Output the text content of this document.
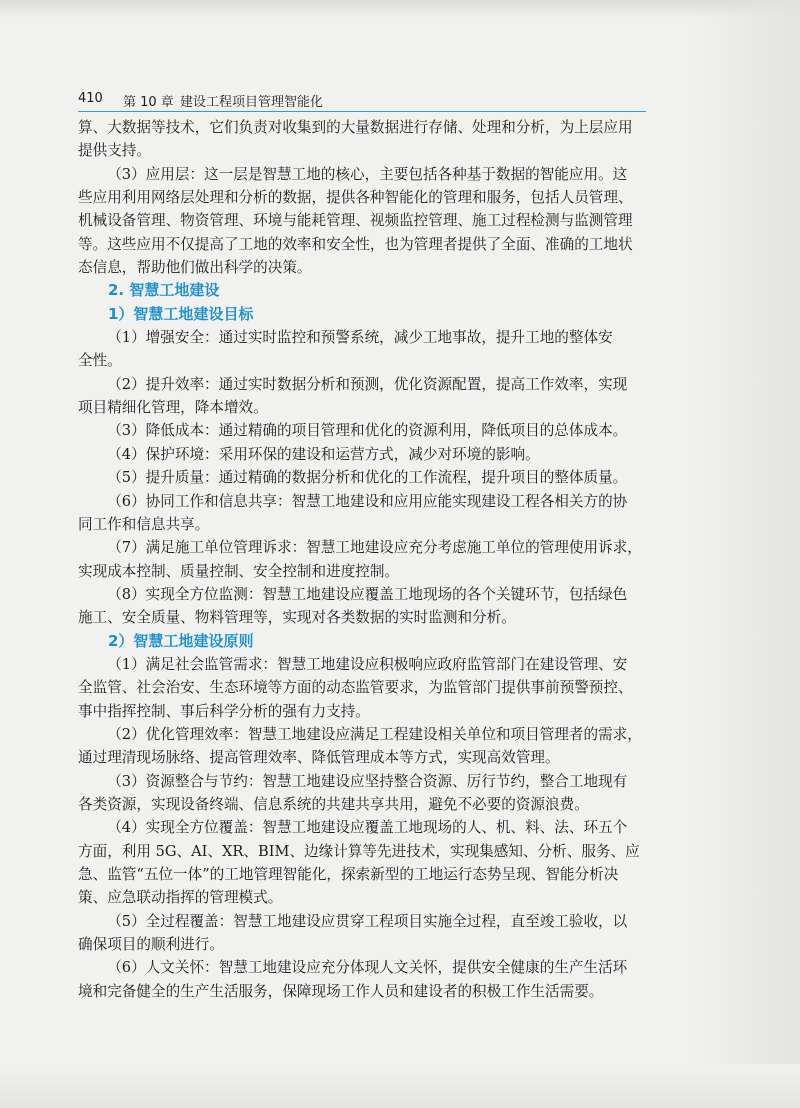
410 第 10 章 建设工程项目管理智能化

算、大数据等技术，它们负责对收集到的大量数据进行存储、处理和分析，为上层应用
提供支持。

（3）应用层：这一层是智慧工地的核心，主要包括各种基于数据的智能应用。这
些应用利用网络层处理和分析的数据，提供各种智能化的管理和服务，包括人员管理、
机械设备管理、物资管理、环境与能耗管理、视频监控管理、施工过程检测与监测管理
等。这些应用不仅提高了工地的效率和安全性，也为管理者提供了全面、准确的工地状
态信息，帮助他们做出科学的决策。

2. 智慧工地建设
1）智慧工地建设目标

（1）增强安全：通过实时监控和预警系统，减少工地事故，提升工地的整体安
全性。

（2）提升效率：通过实时数据分析和预测，优化资源配置，提高工作效率，实现
项目精细化管理，降本增效。

（3）降低成本：通过精确的项目管理和优化的资源利用，降低项目的总体成本。

（4）保护环境：采用环保的建设和运营方式，减少对环境的影响。

（5）提升质量：通过精确的数据分析和优化的工作流程，提升项目的整体质量。

（6）协同工作和信息共享：智慧工地建设和应用应能实现建设工程各相关方的协
同工作和信息共享。

（7）满足施工单位管理诉求：智慧工地建设应充分考虑施工单位的管理使用诉求，
实现成本控制、质量控制、安全控制和进度控制。

（8）实现全方位监测：智慧工地建设应覆盖工地现场的各个关键环节，包括绿色
施工、安全质量、物料管理等，实现对各类数据的实时监测和分析。

2）智慧工地建设原则

（1）满足社会监管需求：智慧工地建设应积极响应政府监管部门在建设管理、安
全监管、社会治安、生态环境等方面的动态监管要求，为监管部门提供事前预警预控、
事中指挥控制、事后科学分析的强有力支持。

（2）优化管理效率：智慧工地建设应满足工程建设相关单位和项目管理者的需求，
通过理清现场脉络、提高管理效率、降低管理成本等方式，实现高效管理。

（3）资源整合与节约：智慧工地建设应坚持整合资源、厉行节约，整合工地现有
各类资源，实现设备终端、信息系统的共建共享共用，避免不必要的资源浪费。

（4）实现全方位覆盖：智慧工地建设应覆盖工地现场的人、机、料、法、环五个
方面，利用 5G、AI、XR、BIM、边缘计算等先进技术，实现集感知、分析、服务、应
急、监管“五位一体”的工地管理智能化，探索新型的工地运行态势呈现、智能分析决
策、应急联动指挥的管理模式。

（5）全过程覆盖：智慧工地建设应贯穿工程项目实施全过程，直至竣工验收，以
确保项目的顺利进行。

（6）人文关怀：智慧工地建设应充分体现人文关怀，提供安全健康的生产生活环
境和完备健全的生产生活服务，保障现场工作人员和建设者的积极工作生活需要。
